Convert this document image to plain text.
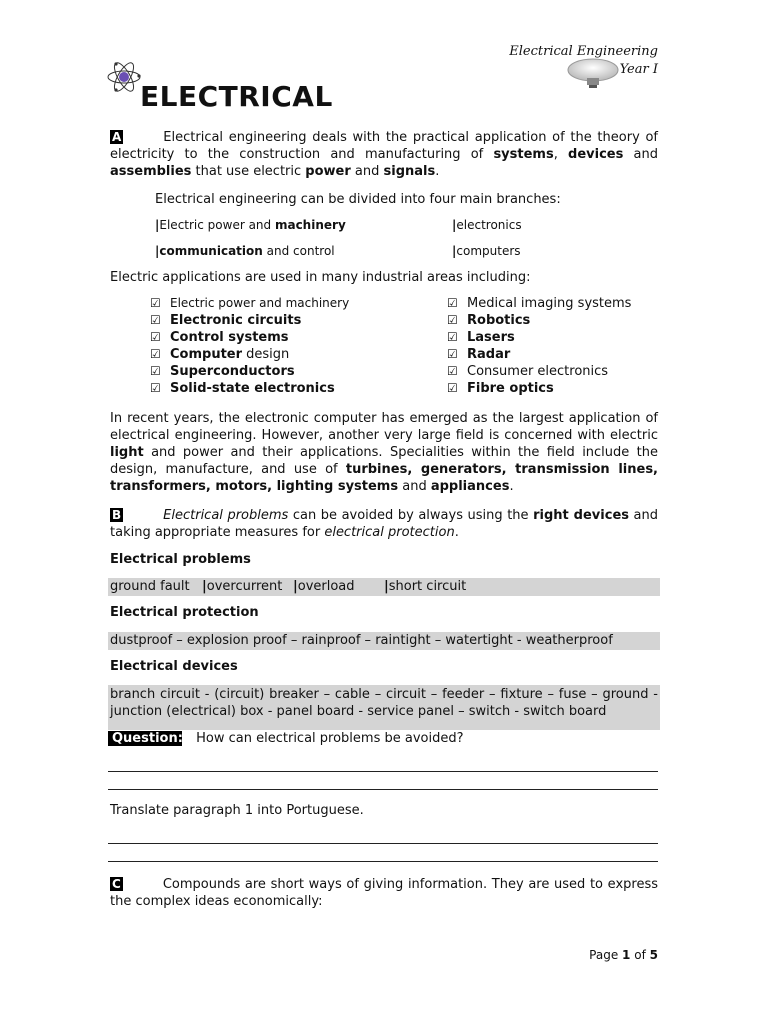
Electrical Engineering
Year I
ELECTRICAL
A	Electrical engineering deals with the practical application of the theory of electricity to the construction and manufacturing of systems, devices and assemblies that use electric power and signals.
Electrical engineering can be divided into four main branches:
|Electric power and machinery	|electronics
|communication and control	|computers
Electric applications are used in many industrial areas including:
☑ Electric power and machinery
☑ Electronic circuits
☑ Control systems
☑ Computer design
☑ Superconductors
☑ Solid-state electronics
☑ Medical imaging systems
☑ Robotics
☑ Lasers
☑ Radar
☑ Consumer electronics
☑ Fibre optics
In recent years, the electronic computer has emerged as the largest application of electrical engineering. However, another very large field is concerned with electric light and power and their applications. Specialities within the field include the design, manufacture, and use of turbines, generators, transmission lines, transformers, motors, lighting systems and appliances.
B	Electrical problems can be avoided by always using the right devices and taking appropriate measures for electrical protection.
Electrical problems
ground fault |overcurrent |overload |short circuit
Electrical protection
dustproof – explosion proof – rainproof – raintight – watertight - weatherproof
Electrical devices
branch circuit - (circuit) breaker – cable – circuit – feeder – fixture – fuse – ground - junction (electrical) box - panel board - service panel – switch - switch board
Question: How can electrical problems be avoided?
Translate paragraph 1 into Portuguese.
C	Compounds are short ways of giving information. They are used to express the complex ideas economically:
Page 1 of 5
